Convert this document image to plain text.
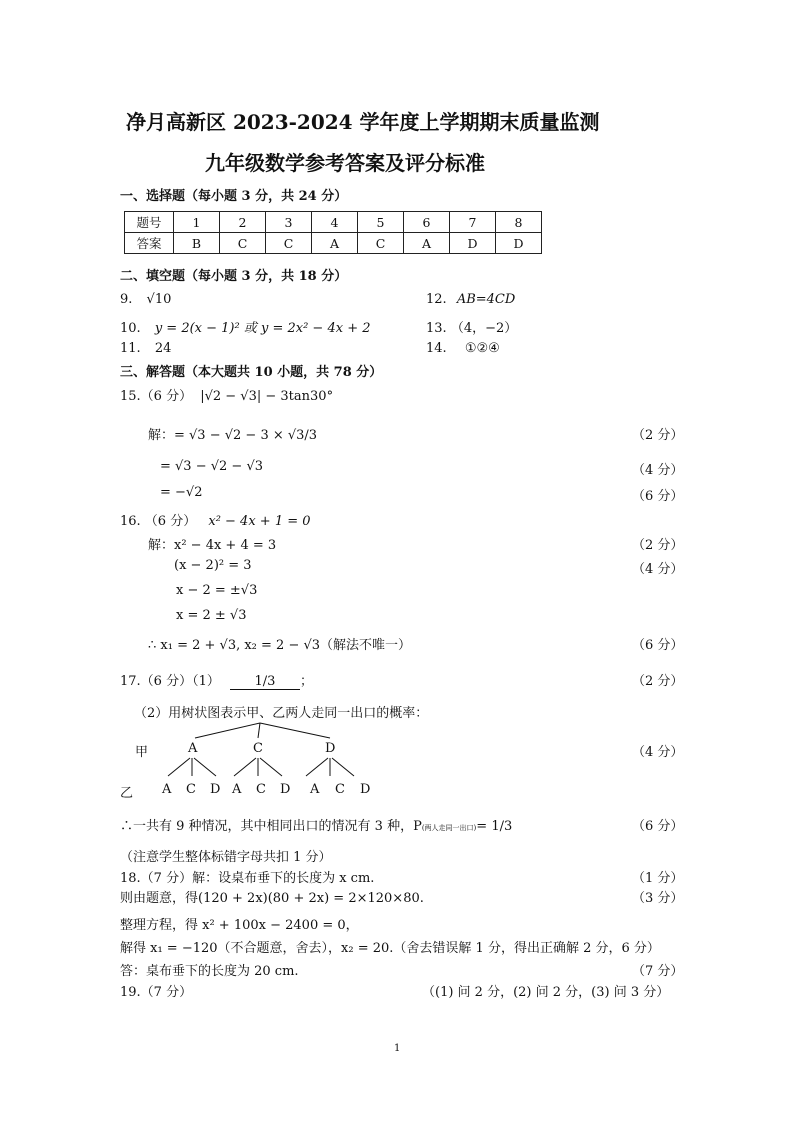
净月高新区 2023-2024 学年度上学期期末质量监测
九年级数学参考答案及评分标准
一、选择题（每小题 3 分，共 24 分）
题号	1	2	3	4	5	6	7	8
答案	B	C	C	A	C	A	D	D
二、填空题（每小题 3 分，共 18 分）
9. √10	12. AB=4CD
10. y = 2(x − 1)² 或 y = 2x² − 4x + 2	13. （4，−2）
11. 24	14. ①②④
三、解答题（本大题共 10 小题，共 78 分）
15.（6 分） |√2 − √3| − 3tan30°
解：= √3 − √2 − 3 × √3/3	（2 分）
= √3 − √2 − √3	（4 分）
= −√2	（6 分）
16. （6 分） x² − 4x + 1 = 0
解：x² − 4x + 4 = 3	（2 分）
(x − 2)² = 3	（4 分）
x − 2 = ±√3
x = 2 ± √3
∴ x₁ = 2 + √3, x₂ = 2 − √3（解法不唯一）	（6 分）
17.（6 分）（1）	1/3 ；	（2 分）
（2）用树状图表示甲、乙两人走同一出口的概率：
甲	A	C	D	（4 分）
乙 A C D A C D A C D
∴一共有 9 种情况，其中相同出口的情况有 3 种，P(两人走同一出口)= 1/3	（6 分）
（注意学生整体标错字母共扣 1 分）
18.（7 分）解：设桌布垂下的长度为 x cm.	（1 分）
则由题意，得(120 + 2x)(80 + 2x) = 2×120×80.	（3 分）
整理方程，得 x² + 100x − 2400 = 0，
解得 x₁ = −120（不合题意，舍去），x₂ = 20.（舍去错误解 1 分，得出正确解 2 分，6 分）
答：桌布垂下的长度为 20 cm.	（7 分）
19.（7 分）	（(1) 问 2 分，(2) 问 2 分，(3) 问 3 分）
1
